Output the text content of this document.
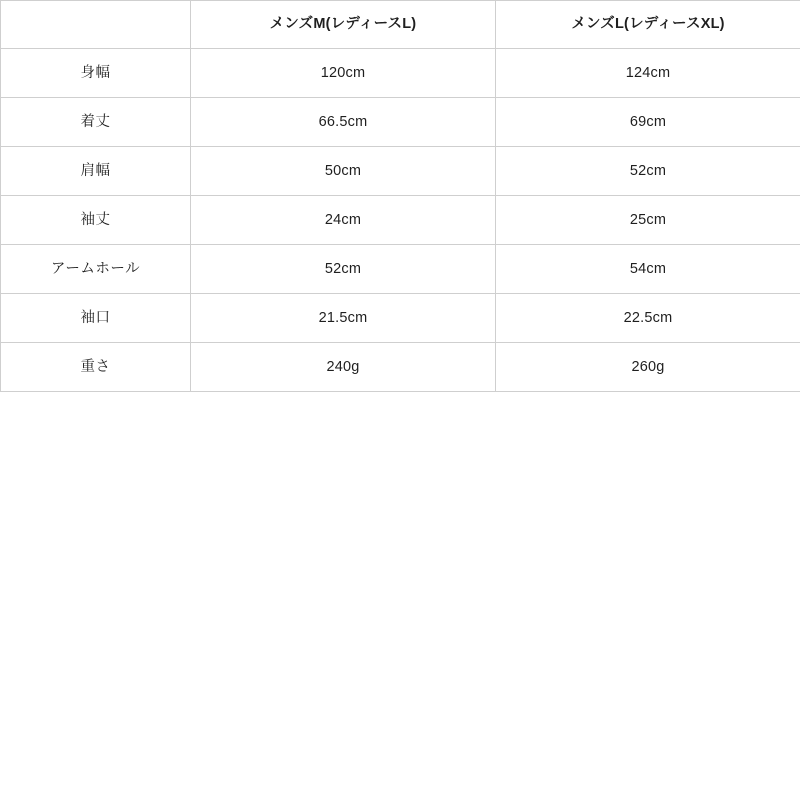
	メンズM(レディースL)	メンズL(レディースXL)
身幅	120cm	124cm
着丈	66.5cm	69cm
肩幅	50cm	52cm
袖丈	24cm	25cm
アームホール	52cm	54cm
袖口	21.5cm	22.5cm
重さ	240g	260g
